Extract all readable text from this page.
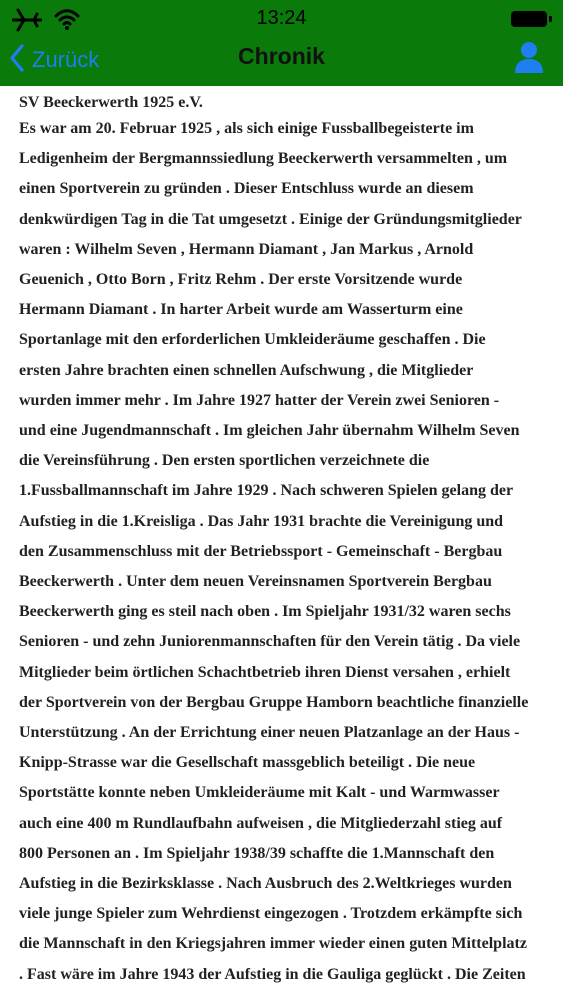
13:24
Zurück	Chronik

SV Beeckerwerth 1925 e.V.

Es war am 20. Februar 1925 , als sich einige Fussballbegeisterte im

Ledigenheim der Bergmannssiedlung Beeckerwerth versammelten , um

einen Sportverein zu gründen . Dieser Entschluss wurde an diesem

denkwürdigen Tag in die Tat umgesetzt . Einige der Gründungsmitglieder

waren : Wilhelm Seven , Hermann Diamant , Jan Markus , Arnold

Geuenich , Otto Born , Fritz Rehm . Der erste Vorsitzende wurde

Hermann Diamant . In harter Arbeit wurde am Wasserturm eine

Sportanlage mit den erforderlichen Umkleideräume geschaffen . Die

ersten Jahre brachten einen schnellen Aufschwung , die Mitglieder

wurden immer mehr . Im Jahre 1927 hatter der Verein zwei Senioren -

und eine Jugendmannschaft . Im gleichen Jahr übernahm Wilhelm Seven

die Vereinsführung . Den ersten sportlichen verzeichnete die

1.Fussballmannschaft im Jahre 1929 . Nach schweren Spielen gelang der

Aufstieg in die 1.Kreisliga . Das Jahr 1931 brachte die Vereinigung und

den Zusammenschluss mit der Betriebssport - Gemeinschaft - Bergbau

Beeckerwerth . Unter dem neuen Vereinsnamen Sportverein Bergbau

Beeckerwerth ging es steil nach oben . Im Spieljahr 1931/32 waren sechs

Senioren - und zehn Juniorenmannschaften für den Verein tätig . Da viele

Mitglieder beim örtlichen Schachtbetrieb ihren Dienst versahen , erhielt

der Sportverein von der Bergbau Gruppe Hamborn beachtliche finanzielle

Unterstützung . An der Errichtung einer neuen Platzanlage an der Haus -

Knipp-Strasse war die Gesellschaft massgeblich beteiligt . Die neue

Sportstätte konnte neben Umkleideräume mit Kalt - und Warmwasser

auch eine 400 m Rundlaufbahn aufweisen , die Mitgliederzahl stieg auf

800 Personen an . Im Spieljahr 1938/39 schaffte die 1.Mannschaft den

Aufstieg in die Bezirksklasse . Nach Ausbruch des 2.Weltkrieges wurden

viele junge Spieler zum Wehrdienst eingezogen . Trotzdem erkämpfte sich

die Mannschaft in den Kriegsjahren immer wieder einen guten Mittelplatz

. Fast wäre im Jahre 1943 der Aufstieg in die Gauliga geglückt . Die Zeiten
